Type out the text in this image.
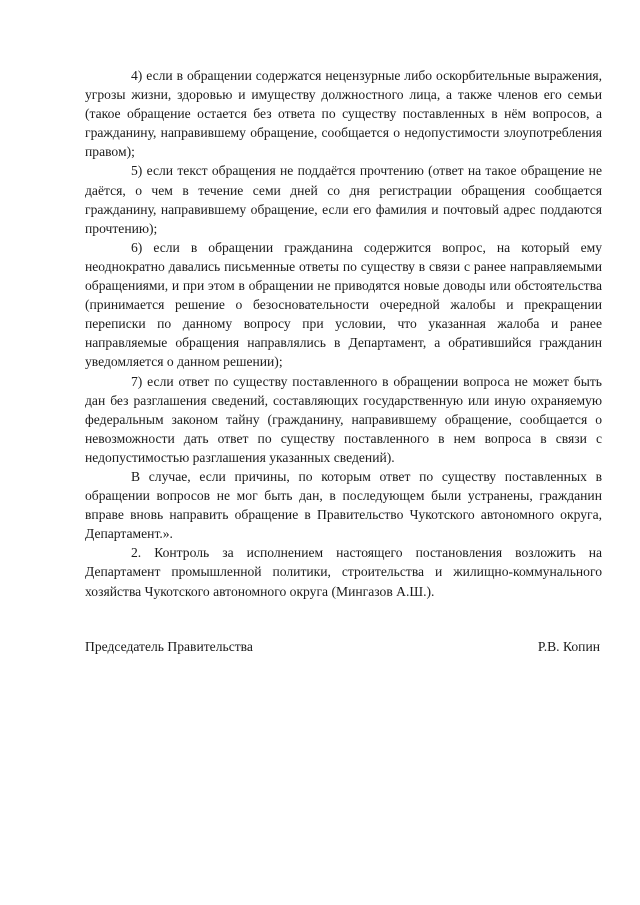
4) если в обращении содержатся нецензурные либо оскорбительные выражения, угрозы жизни, здоровью и имуществу должностного лица, а также членов его семьи (такое обращение остается без ответа по существу поставленных в нём вопросов, а гражданину, направившему обращение, сообщается о недопустимости злоупотребления правом);

5) если текст обращения не поддаётся прочтению (ответ на такое обращение не даётся, о чем в течение семи дней со дня регистрации обращения сообщается гражданину, направившему обращение, если его фамилия и почтовый адрес поддаются прочтению);

6) если в обращении гражданина содержится вопрос, на который ему неоднократно давались письменные ответы по существу в связи с ранее направляемыми обращениями, и при этом в обращении не приводятся новые доводы или обстоятельства (принимается решение о безосновательности очередной жалобы и прекращении переписки по данному вопросу при условии, что указанная жалоба и ранее направляемые обращения направлялись в Департамент, а обратившийся гражданин уведомляется о данном решении);

7) если ответ по существу поставленного в обращении вопроса не может быть дан без разглашения сведений, составляющих государственную или иную охраняемую федеральным законом тайну (гражданину, направившему обращение, сообщается о невозможности дать ответ по существу поставленного в нем вопроса в связи с недопустимостью разглашения указанных сведений).

В случае, если причины, по которым ответ по существу поставленных в обращении вопросов не мог быть дан, в последующем были устранены, гражданин вправе вновь направить обращение в Правительство Чукотского автономного округа, Департамент.».

2. Контроль за исполнением настоящего постановления возложить на Департамент промышленной политики, строительства и жилищно-коммунального хозяйства Чукотского автономного округа (Мингазов А.Ш.).

Председатель Правительства	Р.В. Копин
